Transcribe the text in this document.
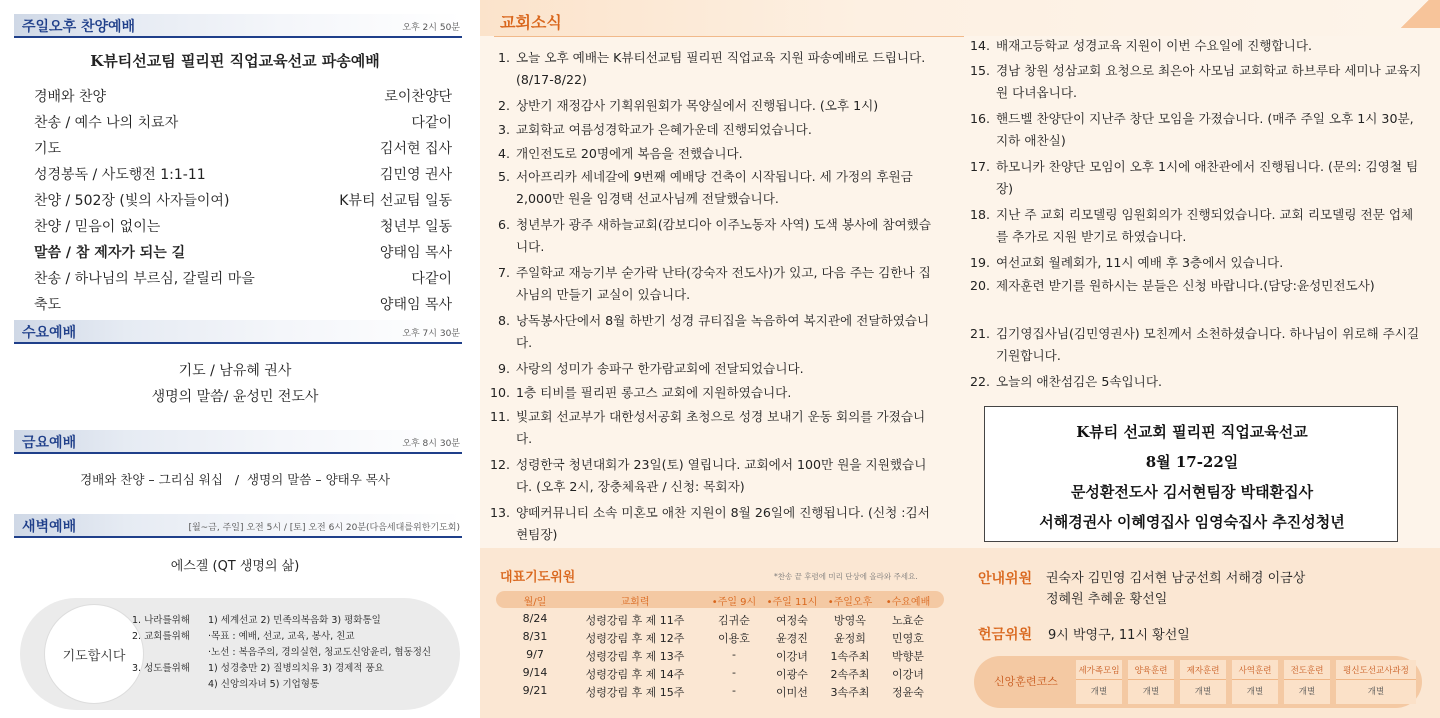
주일오후 찬양예배	오후 2시 50분
K뷰티선교팀 필리핀 직업교육선교 파송예배
경배와 찬양	로이찬양단
찬송 / 예수 나의 치료자	다같이
기도	김서현 집사
성경봉독 / 사도행전 1:1-11	김민영 권사
찬양 / 502장 (빛의 사자들이여)	K뷰티 선교팀 일동
찬양 / 믿음이 없이는	청년부 일동
말씀 / 참 제자가 되는 길	양태임 목사
찬송 / 하나님의 부르심, 갈릴리 마을	다같이
축도	양태임 목사
수요예배	오후 7시 30분
기도 / 남유혜 권사
생명의 말씀/ 윤성민 전도사
금요예배	오후 8시 30분
경배와 찬양 – 그리심 워십   /  생명의 말씀 – 양태우 목사
새벽예배	[월~금, 주일] 오전 5시 / [토] 오전 6시 20분(다음세대를위한기도회)
에스겔 (QT 생명의 삶)
기도합시다
1. 나라를위해 1) 세계선교 2) 민족의복음화 3) 평화통일
2. 교회를위해 ·목표 : 예배, 선교, 교육, 봉사, 친교
·노선 : 복음주의, 경의실현, 청교도신앙윤리, 협동정신
3. 성도를위해 1) 성경충만 2) 질병의치유 3) 경제적 풍요
4) 신앙의자녀 5) 기업형통
교회소식
1. 오늘 오후 예배는 K뷰티선교팀 필리핀 직업교육 지원 파송예배로 드립니다. (8/17-8/22)
2. 상반기 재정감사 기획위원회가 목양실에서 진행됩니다. (오후 1시)
3. 교회학교 여름성경학교가 은혜가운데 진행되었습니다.
4. 개인전도로 20명에게 복음을 전했습니다.
5. 서아프리카 세네갈에 9번째 예배당 건축이 시작됩니다. 세 가정의 후원금 2,000만 원을 임경택 선교사님께 전달했습니다.
6. 청년부가 광주 새하늘교회(캄보디아 이주노동자 사역) 도색 봉사에 참여했습니다.
7. 주일학교 재능기부 숟가락 난타(강숙자 전도사)가 있고, 다음 주는 김한나 집사님의 만들기 교실이 있습니다.
8. 낭독봉사단에서 8월 하반기 성경 큐티집을 녹음하여 복지관에 전달하였습니다.
9. 사랑의 성미가 송파구 한가람교회에 전달되었습니다.
10. 1층 티비를 필리핀 롱고스 교회에 지원하였습니다.
11. 빛교회 선교부가 대한성서공회 초청으로 성경 보내기 운동 회의를 가졌습니다.
12. 성령한국 청년대회가 23일(토) 열립니다. 교회에서 100만 원을 지원했습니다. (오후 2시, 장충체육관 / 신청: 목회자)
13. 양떼커뮤니티 소속 미혼모 애찬 지원이 8월 26일에 진행됩니다. (신청 :김서현팀장)
14. 배재고등학교 성경교육 지원이 이번 수요일에 진행합니다.
15. 경남 창원 성삼교회 요청으로 최은아 사모님 교회학교 하브루타 세미나 교육지원 다녀옵니다.
16. 핸드벨 찬양단이 지난주 창단 모임을 가졌습니다. (매주 주일 오후 1시 30분, 지하 애찬실)
17. 하모니카 찬양단 모임이 오후 1시에 애찬관에서 진행됩니다. (문의: 김영철 팀장)
18. 지난 주 교회 리모델링 임원회의가 진행되었습니다. 교회 리모델링 전문 업체를 추가로 지원 받기로 하였습니다.
19. 여선교회 월례회가, 11시 예배 후 3층에서 있습니다.
20. 제자훈련 받기를 원하시는 분들은 신청 바랍니다.(담당:윤성민전도사)
21. 김기영집사님(김민영권사) 모친께서 소천하셨습니다. 하나님이 위로해 주시길 기원합니다.
22. 오늘의 애찬섬김은 5속입니다.
K뷰티 선교회 필리핀 직업교육선교
8월 17-22일
문성환전도사 김서현팀장 박태환집사
서해경권사 이혜영집사 임영숙집사 추진성청년
대표기도위원	*찬송 끝 후렴에 미리 단상에 올라와 주세요.
월/일	교회력	•주일 9시	•주일 11시	•주일오후	•수요예배
8/24	성령강림 후 제 11주	김귀순	여정숙	방영옥	노효순
8/31	성령강림 후 제 12주	이용호	윤경진	윤정희	민영호
9/7	성령강림 후 제 13주	-	이강녀	1속주최	박향분
9/14	성령강림 후 제 14주	-	이광수	2속주최	이강녀
9/21	성령강림 후 제 15주	-	이미선	3속주최	정윤숙
안내위원 권숙자 김민영 김서현 남궁선희 서해경 이금상
정혜원 추혜윤 황선일
헌금위원 9시 박영구, 11시 황선일
신앙훈련코스
세가족모임
개별
양육훈련
개별
제자훈련
개별
사역훈련
개별
전도훈련
개별
평신도선교사과정
개별
